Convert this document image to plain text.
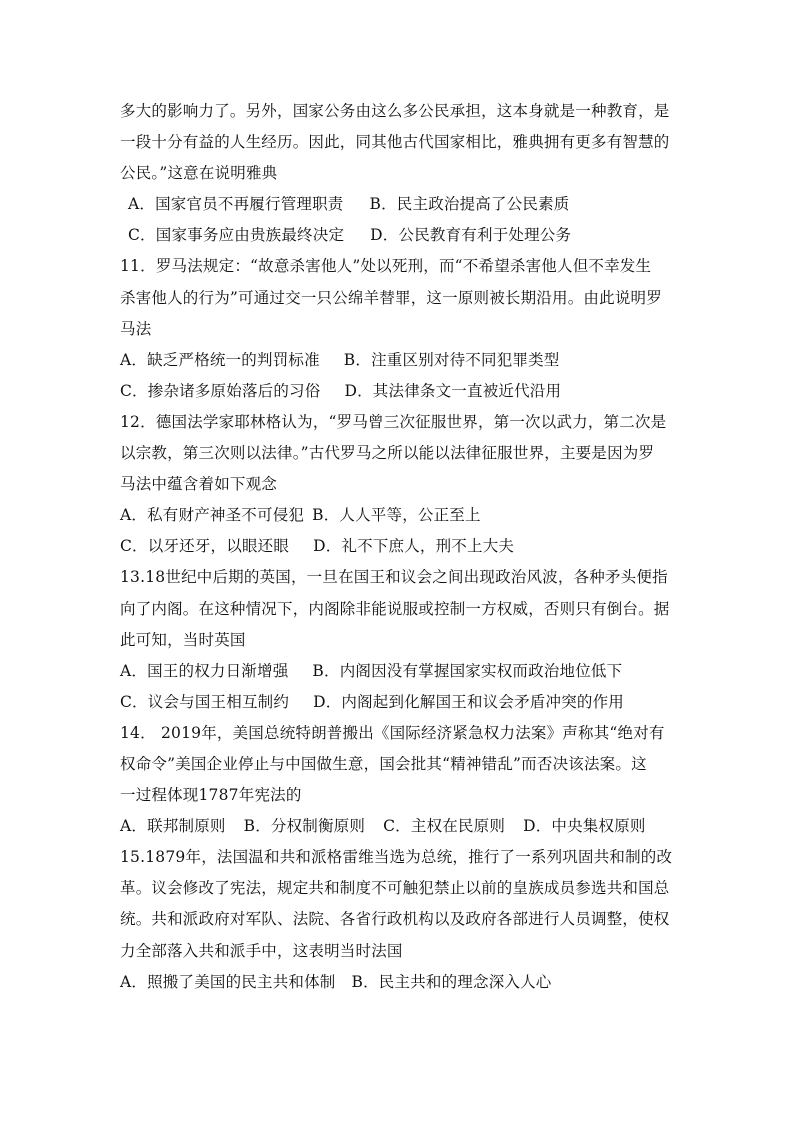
多大的影响力了。另外，国家公务由这么多公民承担，这本身就是一种教育，是
一段十分有益的人生经历。因此，同其他古代国家相比，雅典拥有更多有智慧的
公民。”这意在说明雅典
A．国家官员不再履行管理职责 B．民主政治提高了公民素质
C．国家事务应由贵族最终决定 D．公民教育有利于处理公务
11．罗马法规定：“故意杀害他人”处以死刑，而“不希望杀害他人但不幸发生
杀害他人的行为”可通过交一只公绵羊替罪，这一原则被长期沿用。由此说明罗
马法
A．缺乏严格统一的判罚标准 B．注重区别对待不同犯罪类型
C．掺杂诸多原始落后的习俗 D．其法律条文一直被近代沿用
12．德国法学家耶林格认为，“罗马曾三次征服世界，第一次以武力，第二次是
以宗教，第三次则以法律。”古代罗马之所以能以法律征服世界，主要是因为罗
马法中蕴含着如下观念
A．私有财产神圣不可侵犯 B．人人平等，公正至上
C．以牙还牙，以眼还眼 D．礼不下庶人，刑不上大夫
13.18世纪中后期的英国，一旦在国王和议会之间出现政治风波，各种矛头便指
向了内阁。在这种情况下，内阁除非能说服或控制一方权威，否则只有倒台。据
此可知，当时英国
A．国王的权力日渐增强 B．内阁因没有掌握国家实权而政治地位低下
C．议会与国王相互制约 D．内阁起到化解国王和议会矛盾冲突的作用
14． 2019年，美国总统特朗普搬出《国际经济紧急权力法案》声称其“绝对有
权命令”美国企业停止与中国做生意，国会批其“精神错乱”而否决该法案。这
一过程体现1787年宪法的
A．联邦制原则 B．分权制衡原则 C．主权在民原则 D．中央集权原则
15.1879年，法国温和共和派格雷维当选为总统，推行了一系列巩固共和制的改
革。议会修改了宪法，规定共和制度不可触犯禁止以前的皇族成员参选共和国总
统。共和派政府对军队、法院、各省行政机构以及政府各部进行人员调整，使权
力全部落入共和派手中，这表明当时法国
A．照搬了美国的民主共和体制 B．民主共和的理念深入人心
